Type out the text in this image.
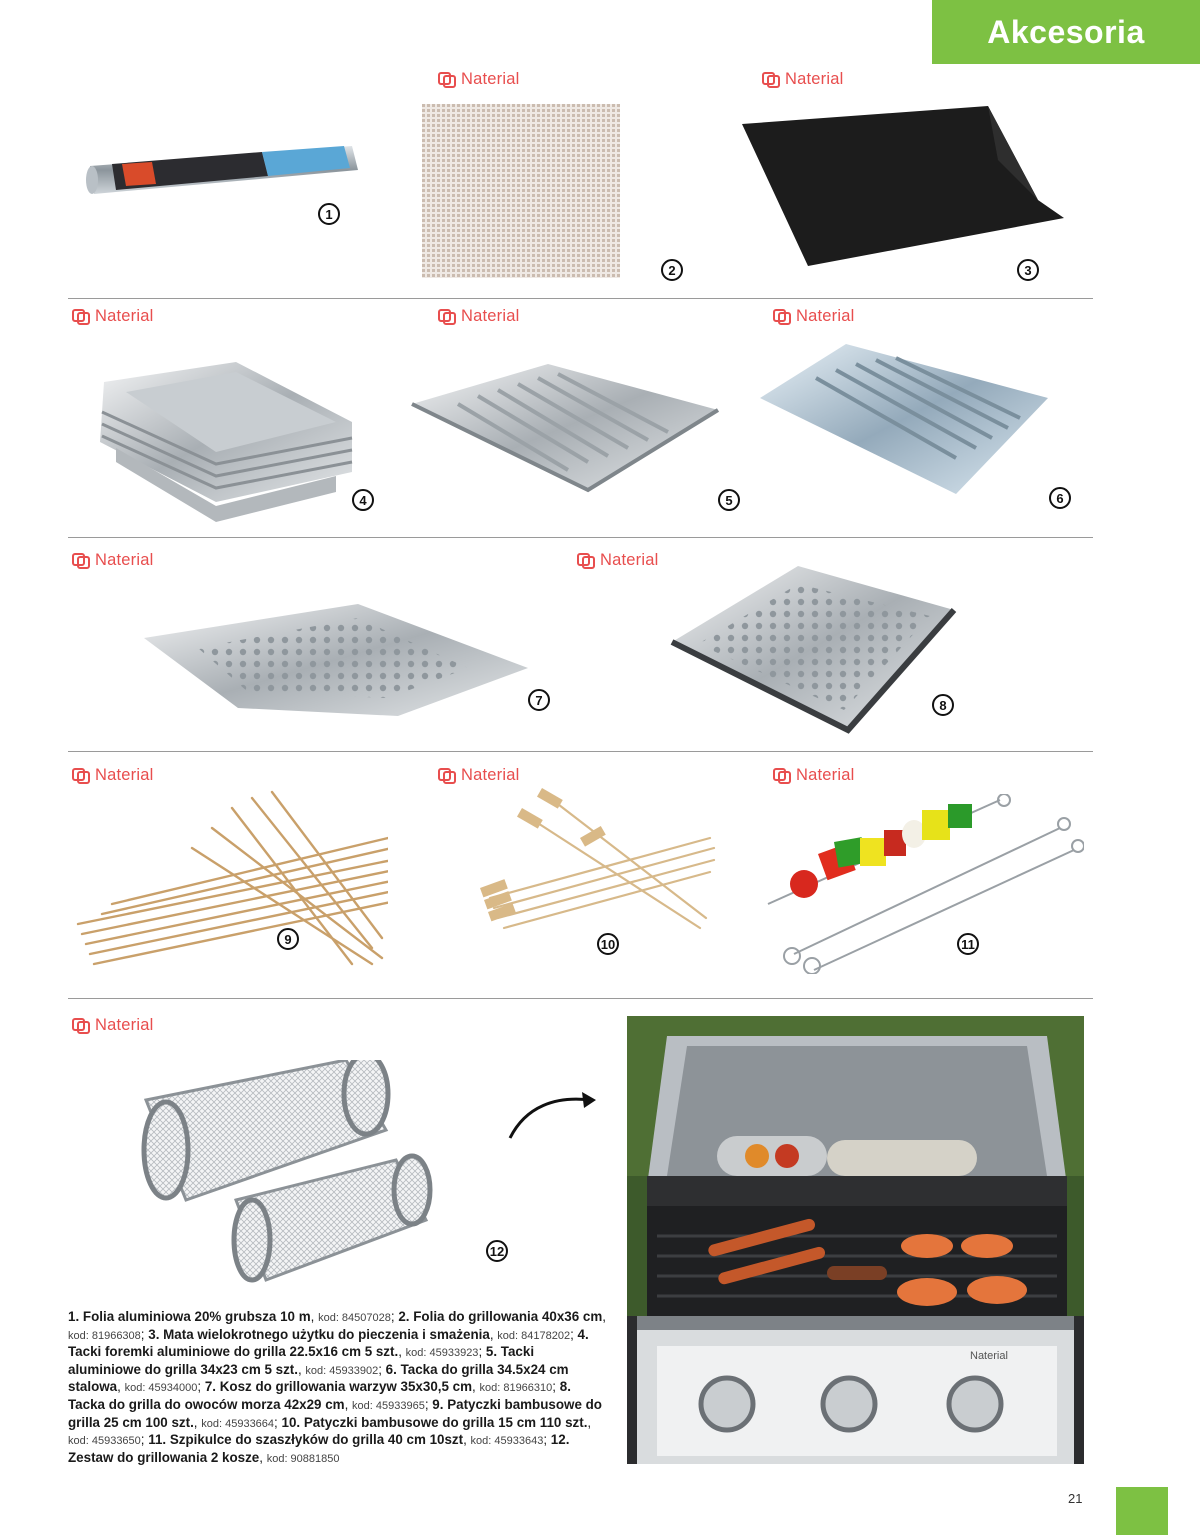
Akcesoria
Naterial	Naterial
Naterial	Naterial	Naterial
Naterial	Naterial
Naterial	Naterial	Naterial
Naterial
1
2	3
4	5	6
7	8
9	10	11
12
Naterial
1. Folia aluminiowa 20% grubsza 10 m, kod: 84507028; 2. Folia do grillowania 40x36 cm, kod: 81966308; 3. Mata wielokrotnego użytku do pieczenia i smażenia, kod: 84178202; 4. Tacki foremki aluminiowe do grilla 22.5x16 cm 5 szt., kod: 45933923; 5. Tacki aluminiowe do grilla 34x23 cm 5 szt., kod: 45933902; 6. Tacka do grilla 34.5x24 cm stalowa, kod: 45934000; 7. Kosz do grillowania warzyw 35x30,5 cm, kod: 81966310; 8. Tacka do grilla do owoców morza 42x29 cm, kod: 45933965; 9. Patyczki bambusowe do grilla 25 cm 100 szt., kod: 45933664; 10. Patyczki bambusowe do grilla 15 cm 110 szt., kod: 45933650; 11. Szpikulce do szaszłyków do grilla 40 cm 10szt, kod: 45933643; 12. Zestaw do grillowania 2 kosze, kod: 90881850
21
